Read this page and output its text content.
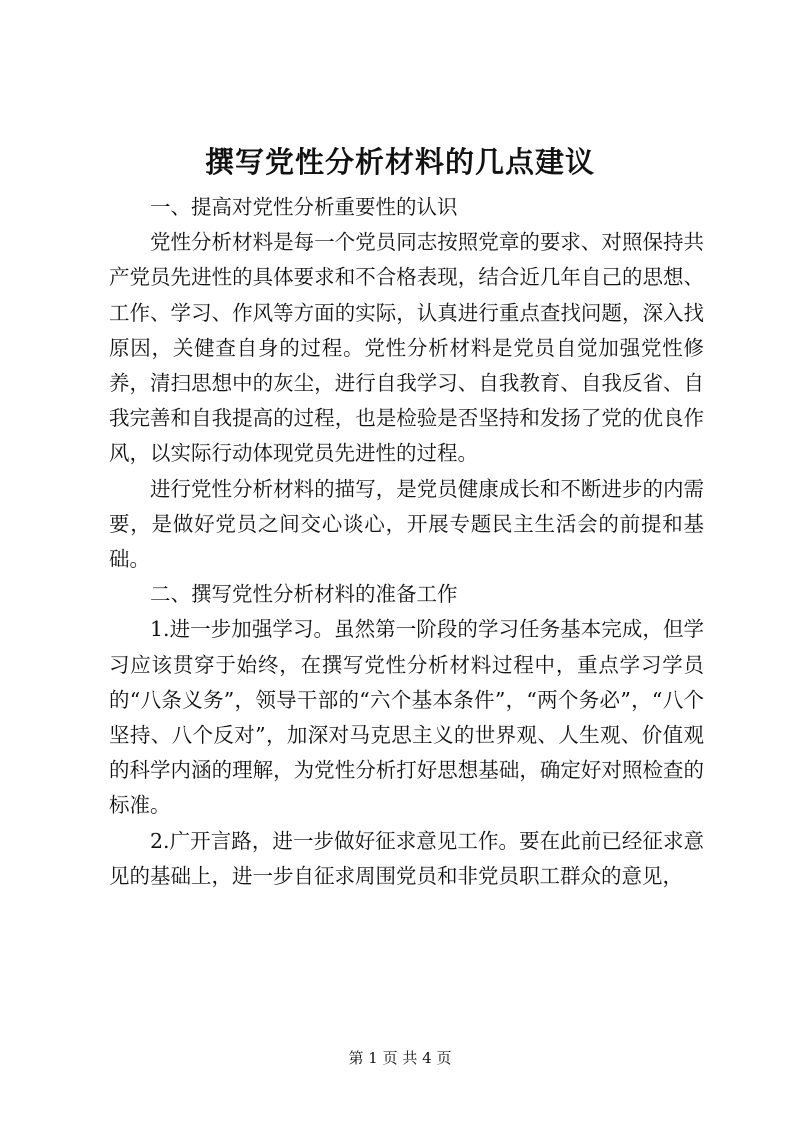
撰写党性分析材料的几点建议

一、提高对党性分析重要性的认识

党性分析材料是每一个党员同志按照党章的要求、对照保持共产党员先进性的具体要求和不合格表现，结合近几年自己的思想、工作、学习、作风等方面的实际，认真进行重点查找问题，深入找原因，关健查自身的过程。党性分析材料是党员自觉加强党性修养，清扫思想中的灰尘，进行自我学习、自我教育、自我反省、自我完善和自我提高的过程，也是检验是否坚持和发扬了党的优良作风，以实际行动体现党员先进性的过程。

进行党性分析材料的描写，是党员健康成长和不断进步的内需要，是做好党员之间交心谈心，开展专题民主生活会的前提和基础。

二、撰写党性分析材料的准备工作

1.进一步加强学习。虽然第一阶段的学习任务基本完成，但学习应该贯穿于始终，在撰写党性分析材料过程中，重点学习学员的“八条义务”，领导干部的“六个基本条件”，“两个务必”，“八个坚持、八个反对”，加深对马克思主义的世界观、人生观、价值观的科学内涵的理解，为党性分析打好思想基础，确定好对照检查的标准。

2.广开言路，进一步做好征求意见工作。要在此前已经征求意见的基础上，进一步自征求周围党员和非党员职工群众的意见，

第 1 页 共 4 页
